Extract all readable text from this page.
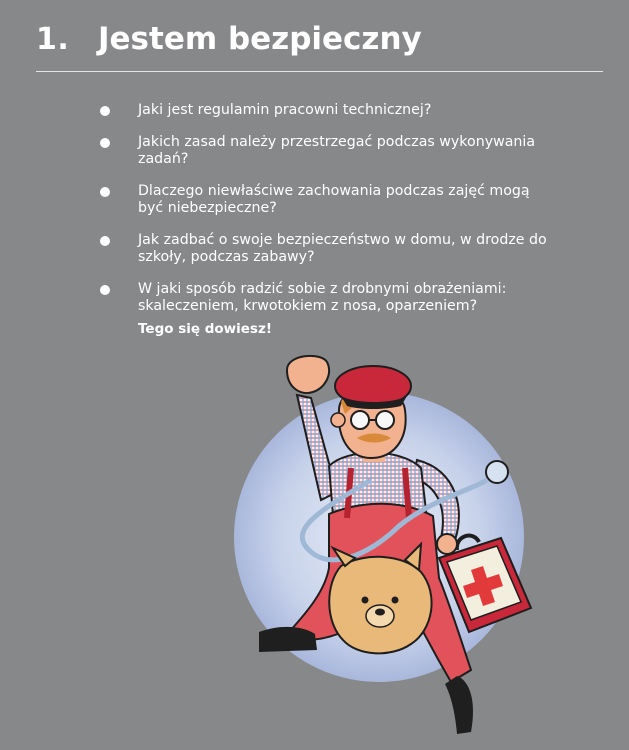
1. Jestem bezpieczny
Jaki jest regulamin pracowni technicznej?
Jakich zasad należy przestrzegać podczas wykonywania zadań?
Dlaczego niewłaściwe zachowania podczas zajęć mogą być niebezpieczne?
Jak zadbać o swoje bezpieczeństwo w domu, w drodze do szkoły, podczas zabawy?
W jaki sposób radzić sobie z drobnymi obrażeniami: skaleczeniem, krwotokiem z nosa, oparzeniem?
Tego się dowiesz!
